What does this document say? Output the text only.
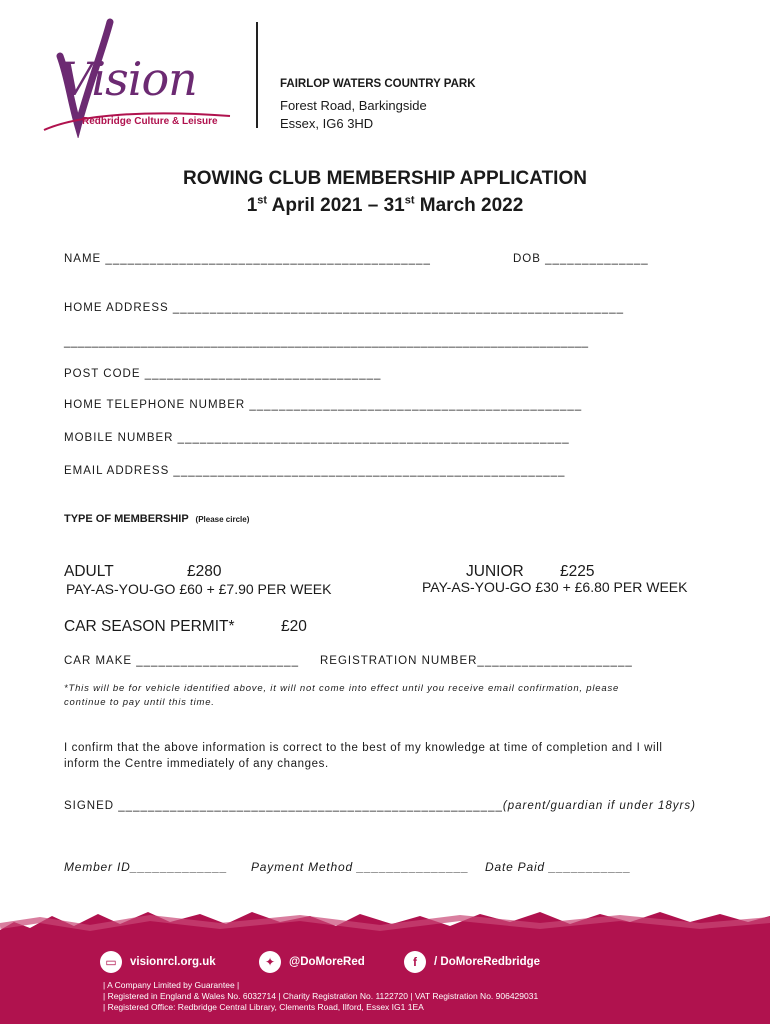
Vision
Redbridge Culture & Leisure
FAIRLOP WATERS COUNTRY PARK
Forest Road, Barkingside
Essex, IG6 3HD
ROWING CLUB MEMBERSHIP APPLICATION
1st April 2021 – 31st March 2022
NAME ____________________________________________	DOB ______________
HOME ADDRESS _____________________________________________________________
___________________________________________________________________________
POST CODE ________________________________
HOME TELEPHONE NUMBER _____________________________________________
MOBILE NUMBER _____________________________________________________
EMAIL ADDRESS _____________________________________________________
TYPE OF MEMBERSHIP (Please circle)
ADULT	£280
PAY-AS-YOU-GO £60 + £7.90 PER WEEK
JUNIOR £225
PAY-AS-YOU-GO £30 + £6.80 PER WEEK
CAR SEASON PERMIT*	£20
CAR MAKE ______________________ REGISTRATION NUMBER_____________________
*This will be for vehicle identified above, it will not come into effect until you receive email confirmation, please
continue to pay until this time.
I confirm that the above information is correct to the best of my knowledge at time of completion and I will
inform the Centre immediately of any changes.
SIGNED ____________________________________________________(parent/guardian if under 18yrs)
Member ID_____________ Payment Method _______________ Date Paid ___________
▭	visionrcl.org.uk	✦	@DoMoreRed	f	/ DoMoreRedbridge
| A Company Limited by Guarantee |
| Registered in England & Wales No. 6032714 | Charity Registration No. 1122720 | VAT Registration No. 906429031
| Registered Office: Redbridge Central Library, Clements Road, Ilford, Essex IG1 1EA
